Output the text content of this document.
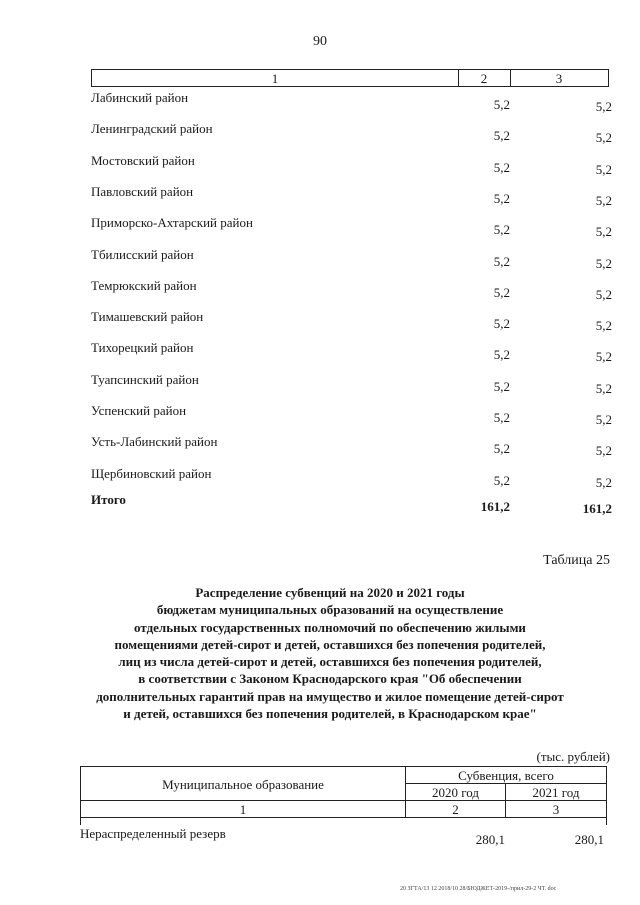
90
1	2	3
Лабинский район	5,2	5,2
Ленинградский район	5,2	5,2
Мостовский район	5,2	5,2
Павловский район	5,2	5,2
Приморско-Ахтарский район	5,2	5,2
Тбилисский район	5,2	5,2
Темрюкский район	5,2	5,2
Тимашевский район	5,2	5,2
Тихорецкий район	5,2	5,2
Туапсинский район	5,2	5,2
Успенский район	5,2	5,2
Усть-Лабинский район	5,2	5,2
Щербиновский район	5,2	5,2
Итого	161,2	161,2
Таблица 25
Распределение субвенций на 2020 и 2021 годы
бюджетам муниципальных образований на осуществление
отдельных государственных полномочий по обеспечению жилыми
помещениями детей-сирот и детей, оставшихся без попечения родителей,
лиц из числа детей-сирот и детей, оставшихся без попечения родителей,
в соответствии с Законом Краснодарского края "Об обеспечении
дополнительных гарантий прав на имущество и жилое помещение детей-сирот
и детей, оставшихся без попечения родителей, в Краснодарском крае"
(тыс. рублей)
Муниципальное образование
Субвенция, всего
2020 год	2021 год
1	2	3
Нераспределенный резерв	280,1	280,1
20 ЗГТА/13 12 2018/10 28/БЮДЖЕТ-2019-/прил-29-2 ЧТ. doc
